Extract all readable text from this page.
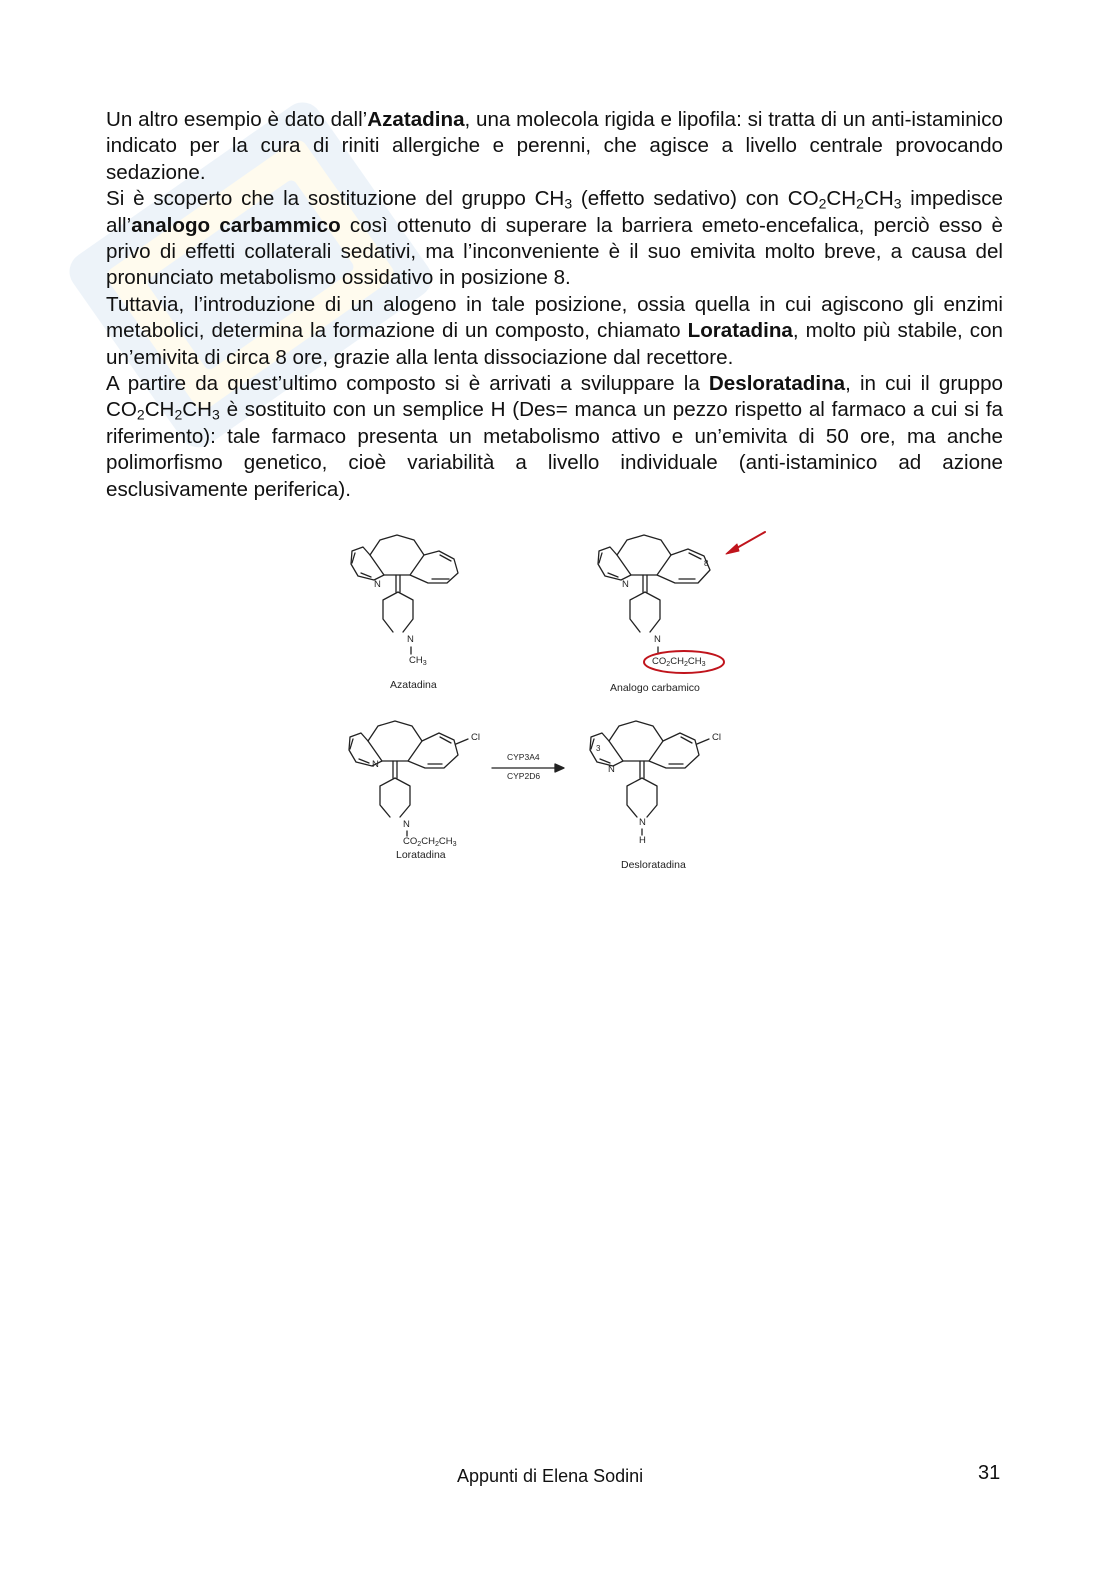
Un altro esempio è dato dall’Azatadina, una molecola rigida e lipofila: si tratta di un anti-istaminico indicato per la cura di riniti allergiche e perenni, che agisce a livello centrale provocando sedazione.

Si è scoperto che la sostituzione del gruppo $CH_3$ (effetto sedativo) con $CO_2CH_2CH_3$ impedisce all’analogo carbammico così ottenuto di superare la barriera emeto-encefalica, perciò esso è privo di effetti collaterali sedativi, ma l’inconveniente è il suo emivita molto breve, a causa del pronunciato metabolismo ossidativo in posizione 8.

Tuttavia, l’introduzione di un alogeno in tale posizione, ossia quella in cui agiscono gli enzimi metabolici, determina la formazione di un composto, chiamato Loratadina, molto più stabile, con un’emivita di circa 8 ore, grazie alla lenta dissociazione dal recettore.

A partire da quest’ultimo composto si è arrivati a sviluppare la Desloratadina, in cui il gruppo $CO_2CH_2CH_3$ è sostituito con un semplice H (Des= manca un pezzo rispetto al farmaco a cui si fa riferimento): tale farmaco presenta un metabolismo attivo e un’emivita di 50 ore, ma anche polimorfismo genetico, cioè variabilità a livello individuale (anti-istaminico ad azione esclusivamente periferica).

N
N
$CH_3$
Azatadina
N
8
N
$CO_2CH_2CH_3$
Analogo carbamico
Cl
N
N

$CO_2CH_2CH_3$
Loratadina
CYP3A4
CYP2D6
3
Cl
N
N
H
Desloratadina
Appunti di Elena Sodini	31
